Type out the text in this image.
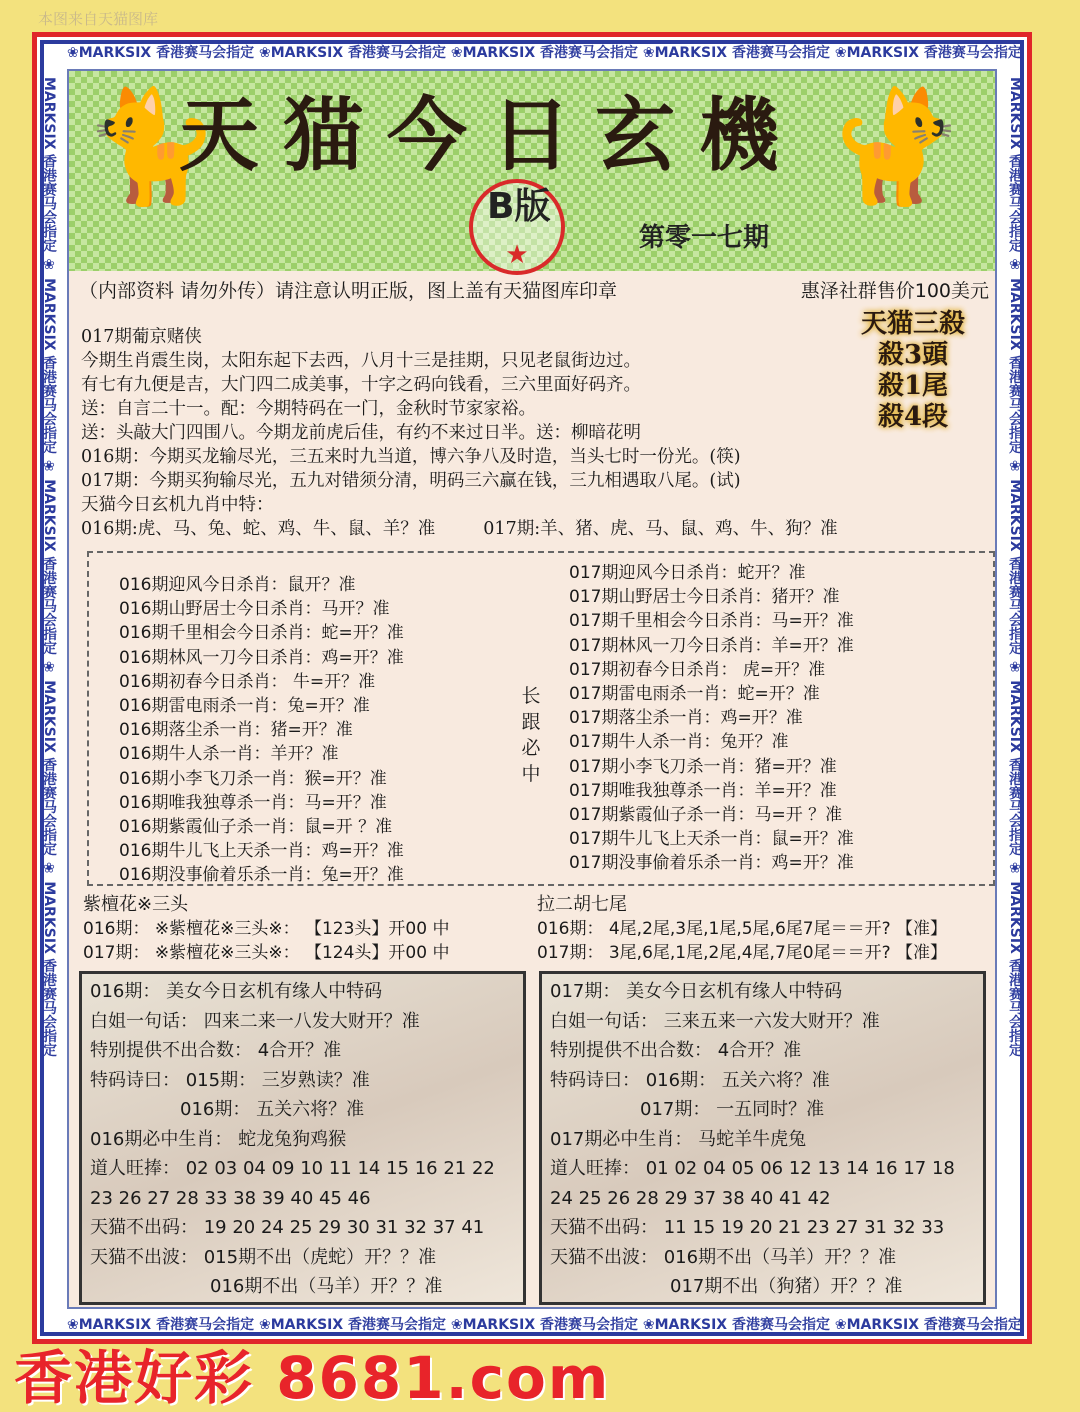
本图来自天猫图库
❀MARKSIX 香港赛马会指定 ❀MARKSIX 香港赛马会指定 ❀MARKSIX 香港赛马会指定 ❀MARKSIX 香港赛马会指定 ❀MARKSIX 香港赛马会指定
❀MARKSIX 香港赛马会指定 ❀MARKSIX 香港赛马会指定 ❀MARKSIX 香港赛马会指定 ❀MARKSIX 香港赛马会指定 ❀MARKSIX 香港赛马会指定
MARKSIX 香港赛马会指定 ❀ MARKSIX 香港赛马会指定 ❀ MARKSIX 香港赛马会指定 ❀ MARKSIX 香港赛马会指定 ❀ MARKSIX 香港赛马会指定	MARKSIX 香港赛马会指定 ❀ MARKSIX 香港赛马会指定 ❀ MARKSIX 香港赛马会指定 ❀ MARKSIX 香港赛马会指定 ❀ MARKSIX 香港赛马会指定
🐈	🐈
天猫今日玄機
★
B版
第零一七期
（内部资料 请勿外传）请注意认明正版，图上盖有天猫图库印章	惠泽社群售价100美元
天猫三殺
殺3頭
殺1尾
殺4段
017期葡京赌侠
今期生肖震生岗，太阳东起下去西，八月十三是挂期，只见老鼠街边过。
有七有九便是吉，大门四二成美事，十字之码向钱看，三六里面好码齐。
送：自言二十一。配：今期特码在一门，金秋时节家家裕。
送：头敲大门四围八。今期龙前虎后佳，有约不来过日半。送：柳暗花明
016期：今期买龙输尽光，三五来时九当道，博六争八及时造，当头七时一份光。(筷)
017期：今期买狗输尽光，五九对错须分清，明码三六赢在钱，三九相遇取八尾。(试)
天猫今日玄机九肖中特：
016期:虎、马、兔、蛇、鸡、牛、鼠、羊？准	017期:羊、猪、虎、马、鼠、鸡、牛、狗？准
016期迎风今日杀肖：鼠开？准
016期山野居士今日杀肖：马开？准
016期千里相会今日杀肖：蛇=开？准
016期林风一刀今日杀肖：鸡=开？准
016期初春今日杀肖： 牛=开？准
016期雷电雨杀一肖：兔=开？准
016期落尘杀一肖：猪=开？准
016期牛人杀一肖：羊开？准
016期小李飞刀杀一肖：猴=开？准
016期唯我独尊杀一肖：马=开？准
016期紫霞仙子杀一肖：鼠=开 ？准
016期牛儿飞上天杀一肖：鸡=开？准
016期没事偷着乐杀一肖：兔=开？准
长跟必中
017期迎风今日杀肖：蛇开？准
017期山野居士今日杀肖：猪开？准
017期千里相会今日杀肖：马=开？准
017期林风一刀今日杀肖：羊=开？准
017期初春今日杀肖： 虎=开？准
017期雷电雨杀一肖：蛇=开？准
017期落尘杀一肖：鸡=开？准
017期牛人杀一肖：兔开？准
017期小李飞刀杀一肖：猪=开？准
017期唯我独尊杀一肖：羊=开？准
017期紫霞仙子杀一肖：马=开 ？准
017期牛儿飞上天杀一肖：鼠=开？准
017期没事偷着乐杀一肖：鸡=开？准
紫檀花※三头
016期： ※紫檀花※三头※： 【123头】开00 中
017期： ※紫檀花※三头※： 【124头】开00 中
拉二胡七尾
016期： 4尾,2尾,3尾,1尾,5尾,6尾7尾＝＝开? 【准】
017期： 3尾,6尾,1尾,2尾,4尾,7尾0尾＝＝开? 【准】
016期： 美女今日玄机有缘人中特码
白姐一句话： 四来二来一八发大财开？准
特别提供不出合数： 4合开？准
特码诗曰： 015期： 三岁熟读？准
016期： 五关六将？准
016期必中生肖： 蛇龙兔狗鸡猴
道人旺捧： 02 03 04 09 10 11 14 15 16 21 22
23 26 27 28 33 38 39 40 45 46
天猫不出码： 19 20 24 25 29 30 31 32 37 41
天猫不出波： 015期不出（虎蛇）开？？准
016期不出（马羊）开？？准
017期： 美女今日玄机有缘人中特码
白姐一句话： 三来五来一六发大财开？准
特别提供不出合数： 4合开？准
特码诗曰： 016期： 五关六将？准
017期： 一五同时？准
017期必中生肖： 马蛇羊牛虎兔
道人旺捧： 01 02 04 05 06 12 13 14 16 17 18
24 25 26 28 29 37 38 40 41 42
天猫不出码： 11 15 19 20 21 23 27 31 32 33
天猫不出波： 016期不出（马羊）开？？准
017期不出（狗猪）开？？准
香港好彩 8681.com
